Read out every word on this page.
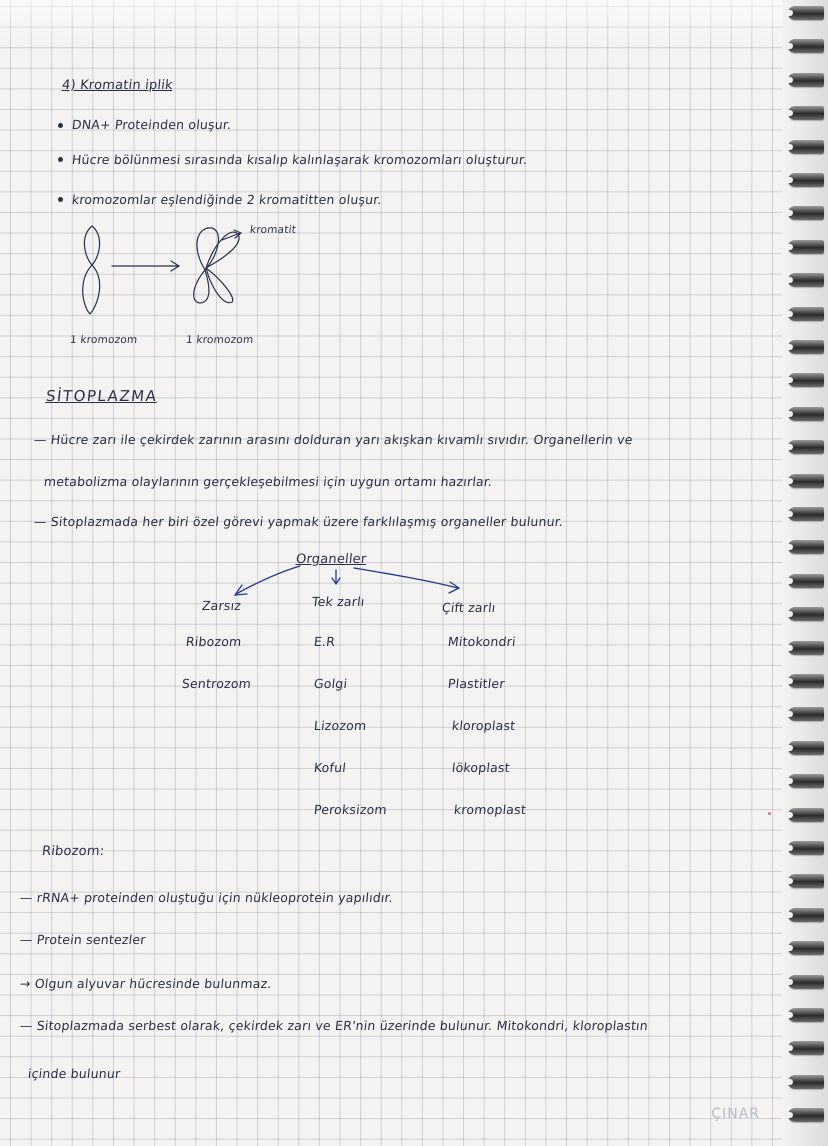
4) Kromatin iplik
DNA+ Proteinden oluşur.
Hücre bölünmesi sırasında kısalıp kalınlaşarak kromozomları oluşturur.
kromozomlar eşlendiğinde 2 kromatitten oluşur.
kromatit
1 kromozom	1 kromozom
SİTOPLAZMA
— Hücre zarı ile çekirdek zarının arasını dolduran yarı akışkan kıvamlı sıvıdır. Organellerin ve
metabolizma olaylarının gerçekleşebilmesi için uygun ortamı hazırlar.
— Sitoplazmada her biri özel görevi yapmak üzere farklılaşmış organeller bulunur.
Organeller
Zarsız
Ribozom
Sentrozom
Tek zarlı
E.R
Golgi
Lizozom
Koful
Peroksizom
Çift zarlı
Mitokondri
Plastitler
kloroplast
lökoplast
kromoplast
Ribozom:
— rRNA+ proteinden oluştuğu için nükleoprotein yapılıdır.
— Protein sentezler
→ Olgun alyuvar hücresinde bulunmaz.
— Sitoplazmada serbest olarak, çekirdek zarı ve ER'nin üzerinde bulunur. Mitokondri, kloroplastın
içinde bulunur
ÇINAR
